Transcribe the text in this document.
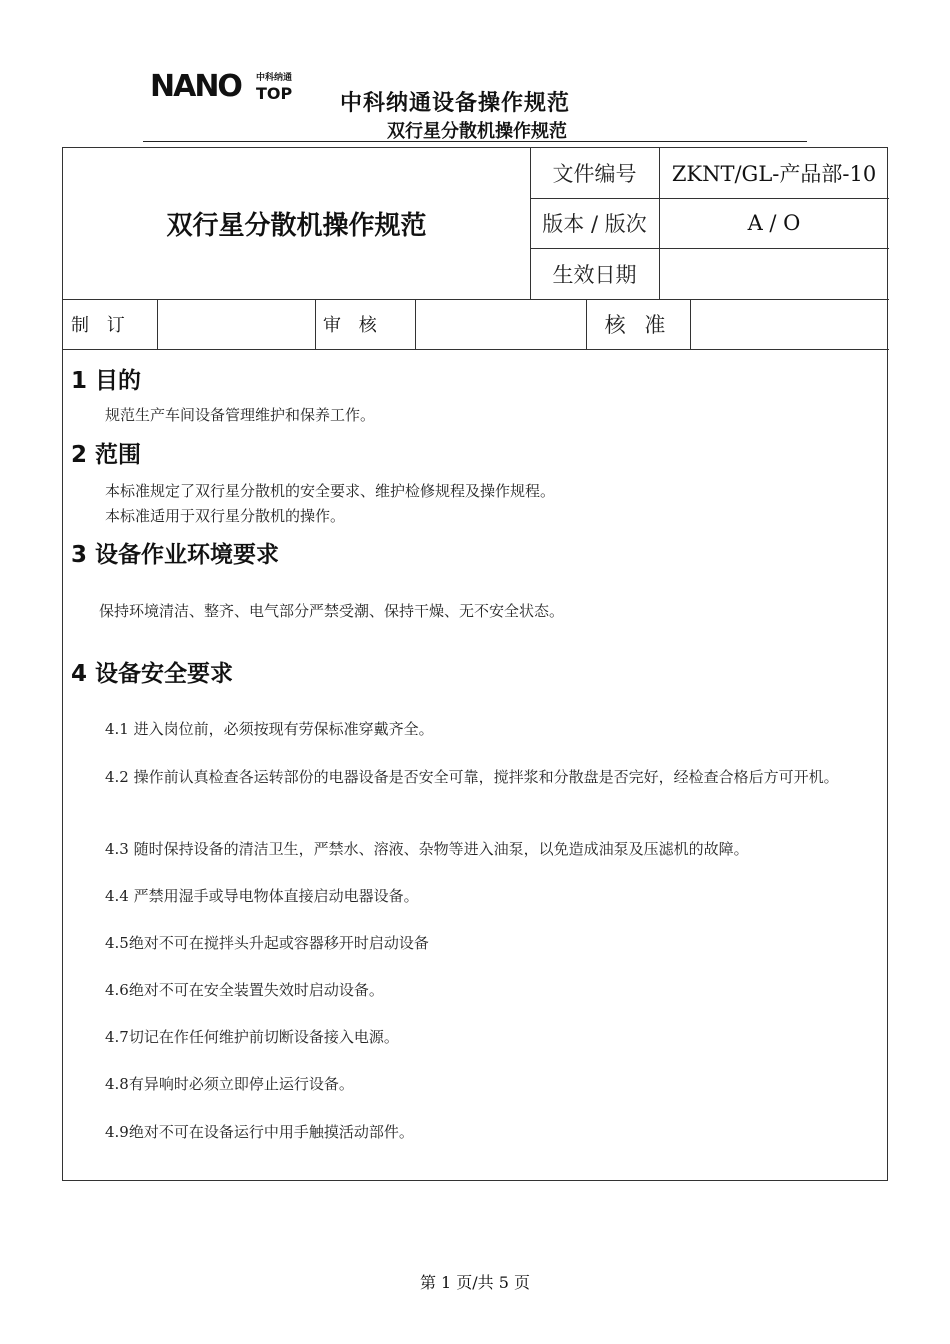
NANO 中科纳通
TOP 中科纳通设备操作规范
双行星分散机操作规范
双行星分散机操作规范
文件编号	ZKNT/GL-产品部-10
版本 / 版次	A / O
生效日期
制 订	审 核	核 准
1 目的
规范生产车间设备管理维护和保养工作。
2 范围
本标准规定了双行星分散机的安全要求、维护检修规程及操作规程。
本标准适用于双行星分散机的操作。
3 设备作业环境要求
保持环境清洁、整齐、电气部分严禁受潮、保持干燥、无不安全状态。
4 设备安全要求
4.1 进入岗位前，必须按现有劳保标准穿戴齐全。
4.2 操作前认真检查各运转部份的电器设备是否安全可靠，搅拌浆和分散盘是否完好，经检查合格后方可开机。
4.3 随时保持设备的清洁卫生，严禁水、溶液、杂物等进入油泵，以免造成油泵及压滤机的故障。
4.4 严禁用湿手或导电物体直接启动电器设备。
4.5绝对不可在搅拌头升起或容器移开时启动设备
4.6绝对不可在安全装置失效时启动设备。
4.7切记在作任何维护前切断设备接入电源。
4.8有异响时必须立即停止运行设备。
4.9绝对不可在设备运行中用手触摸活动部件。
第 1 页/共 5 页
